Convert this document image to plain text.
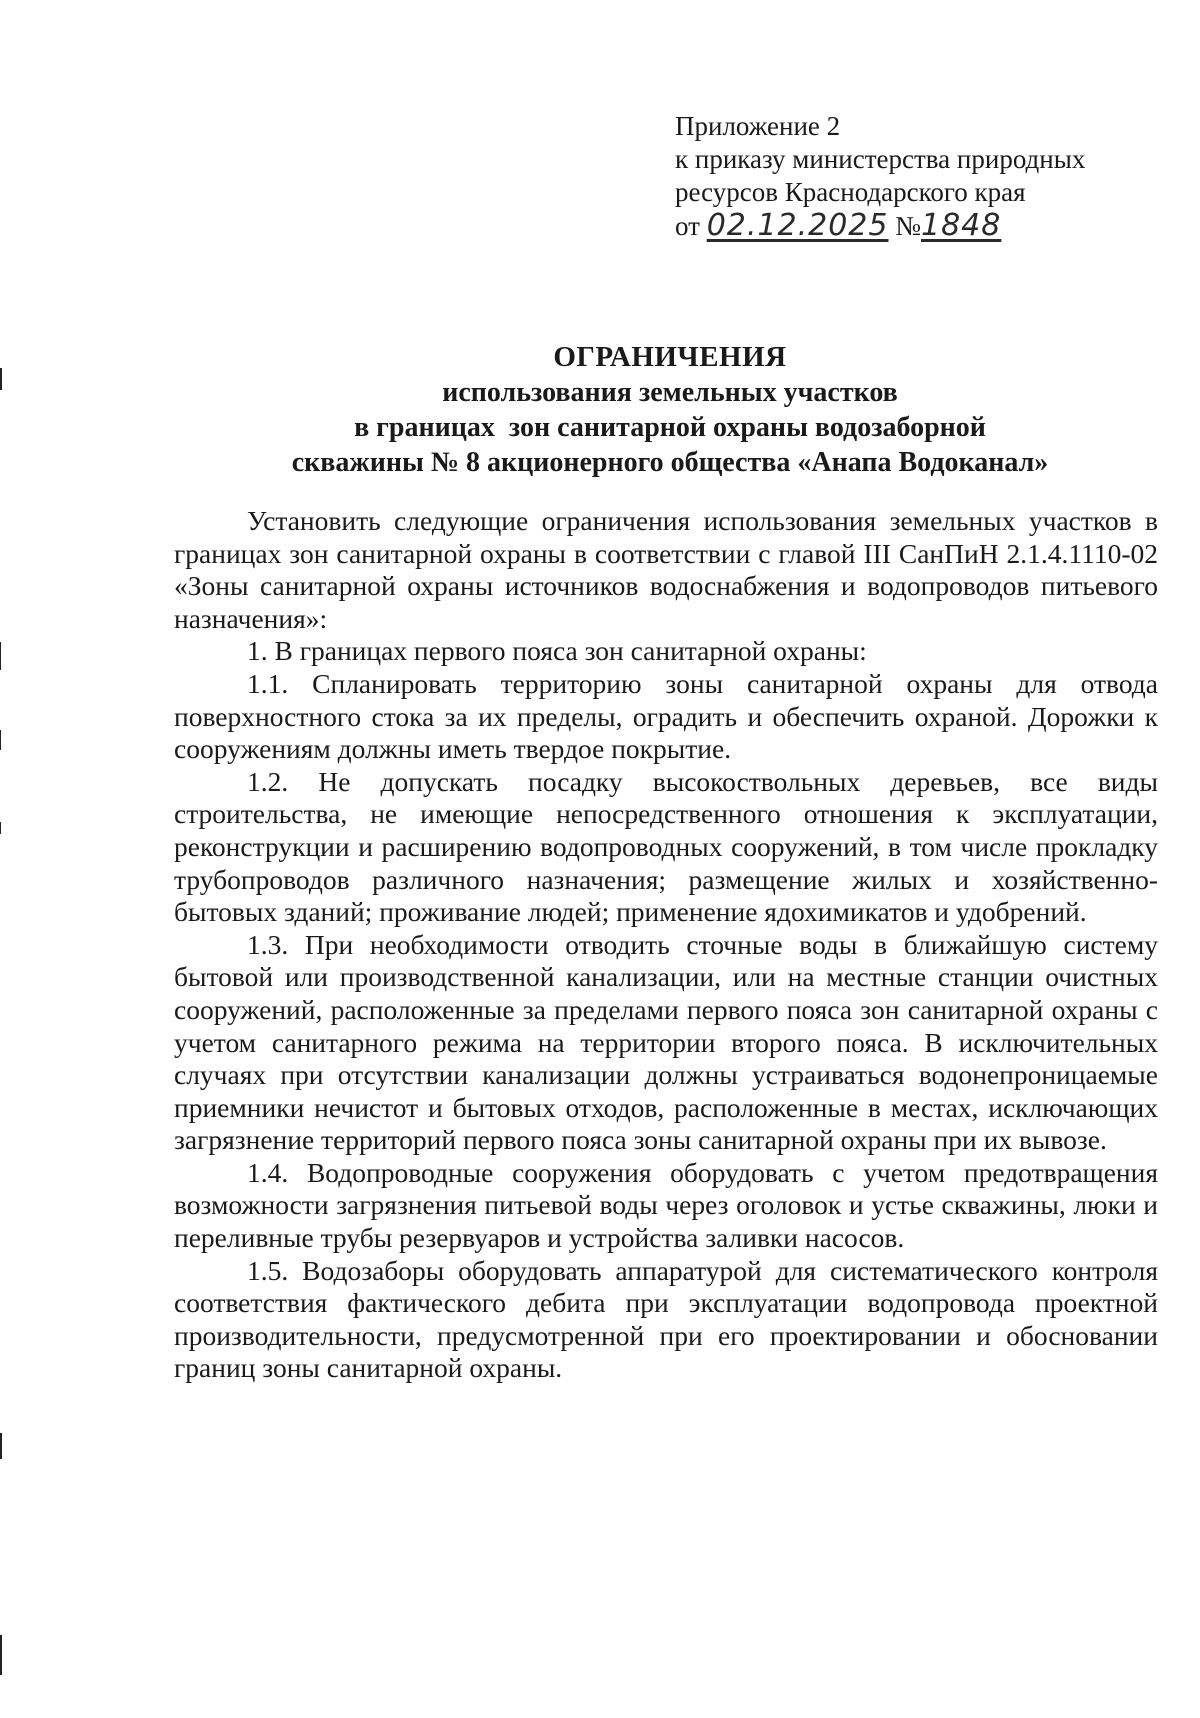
Приложение 2
к приказу министерства природных
ресурсов Краснодарского края
от 02.12.2025 №1848
ОГРАНИЧЕНИЯ
использования земельных участков
в границах  зон санитарной охраны водозаборной
скважины № 8 акционерного общества «Анапа Водоканал»

Установить следующие ограничения использования земельных участков в границах зон санитарной охраны в соответствии с главой III СанПиН 2.1.4.1110-02 «Зоны санитарной охраны источников водоснабжения и водопроводов питьевого назначения»:

1. В границах первого пояса зон санитарной охраны:

1.1. Спланировать территорию зоны санитарной охраны для отвода поверхностного стока за их пределы, оградить и обеспечить охраной. Дорожки к сооружениям должны иметь твердое покрытие.

1.2. Не допускать посадку высокоствольных деревьев, все виды строительства, не имеющие непосредственного отношения к эксплуатации, реконструкции и расширению водопроводных сооружений, в том числе прокладку трубопроводов различного назначения; размещение жилых и хозяйственно-бытовых зданий; проживание людей; применение ядохимикатов и удобрений.

1.3. При необходимости отводить сточные воды в ближайшую систему бытовой или производственной канализации, или на местные станции очистных сооружений, расположенные за пределами первого пояса зон санитарной охраны с учетом санитарного режима на территории второго пояса. В исключительных случаях при отсутствии канализации должны устраиваться водонепроницаемые приемники нечистот и бытовых отходов, расположенные в местах, исключающих загрязнение территорий первого пояса зоны санитарной охраны при их вывозе.

1.4. Водопроводные сооружения оборудовать с учетом предотвращения возможности загрязнения питьевой воды через оголовок и устье скважины, люки и переливные трубы резервуаров и устройства заливки насосов.

1.5. Водозаборы оборудовать аппаратурой для систематического контроля соответствия фактического дебита при эксплуатации водопровода проектной производительности, предусмотренной при его проектировании и обосновании границ зоны санитарной охраны.
